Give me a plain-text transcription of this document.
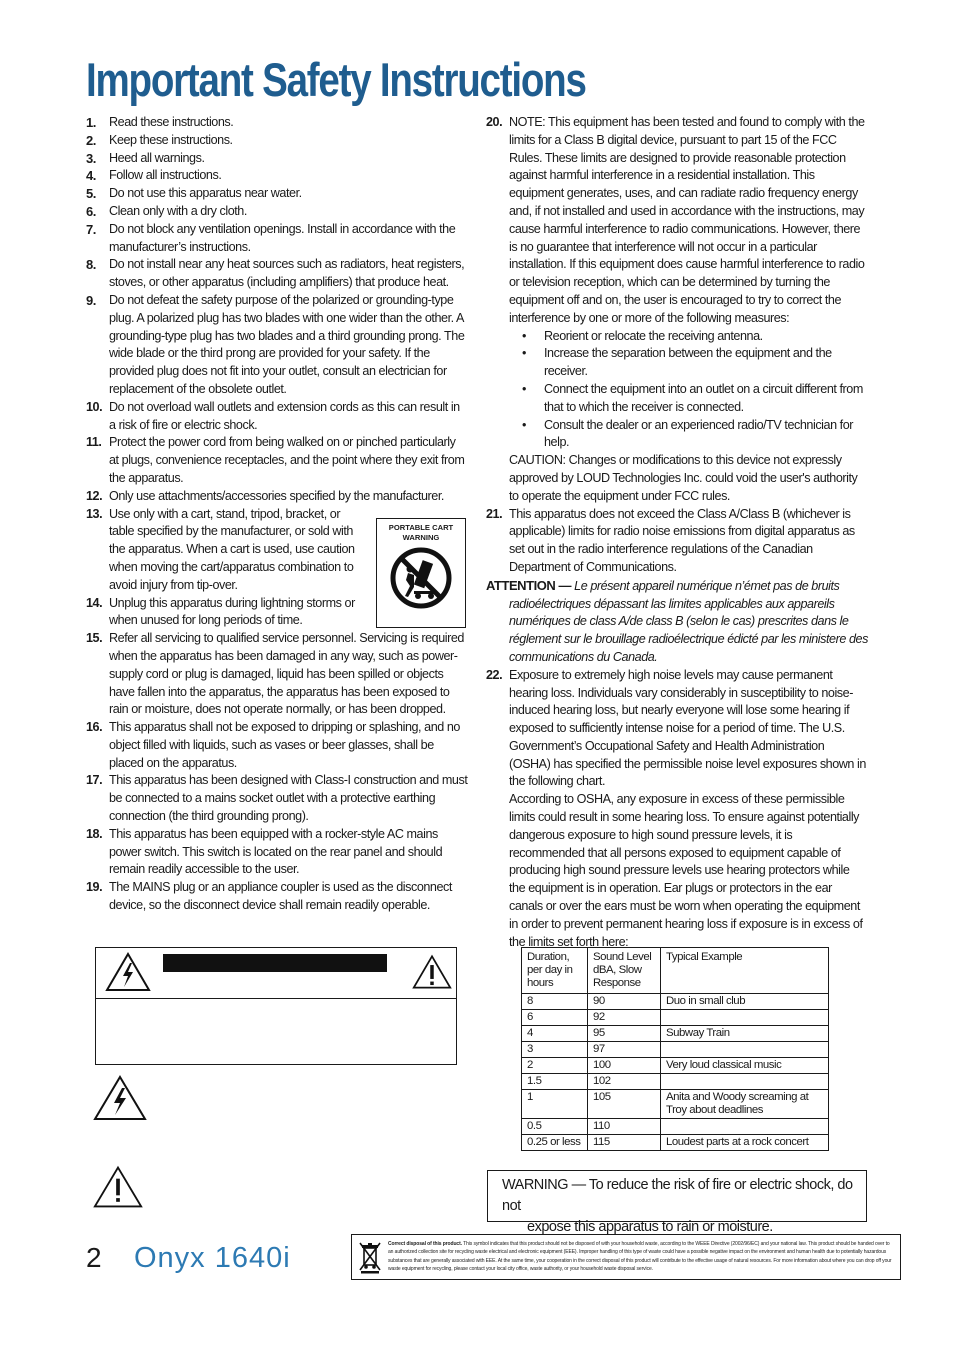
Important Safety Instructions

1. Read these instructions.

2. Keep these instructions.

3. Heed all warnings.

4. Follow all instructions.

5. Do not use this apparatus near water.

6. Clean only with a dry cloth.

7. Do not block any ventilation openings. Install in accordance with the manufacturer’s instructions.

8. Do not install near any heat sources such as radiators, heat registers, stoves, or other apparatus (including amplifiers) that produce heat.

9. Do not defeat the safety purpose of the polarized or grounding-type plug. A polarized plug has two blades with one wider than the other. A grounding-type plug has two blades and a third grounding prong. The wide blade or the third prong are provided for your safety. If the provided plug does not fit into your outlet, consult an electrician for replacement of the obsolete outlet.

10. Do not overload wall outlets and extension cords as this can result in a risk of fire or electric shock.

11. Protect the power cord from being walked on or pinched particularly at plugs, convenience receptacles, and the point where they exit from the apparatus.

12. Only use attachments/accessories specified by the manufacturer.

13. Use only with a cart, stand, tripod, bracket, or table specified by the manufacturer, or sold with the apparatus. When a cart is used, use caution when moving the cart/apparatus combination to avoid injury from tip-over.

14. Unplug this apparatus during lightning storms or when unused for long periods of time.

15. Refer all servicing to qualified service personnel. Servicing is required when the apparatus has been damaged in any way, such as power-supply cord or plug is damaged, liquid has been spilled or objects have fallen into the apparatus, the apparatus has been exposed to rain or moisture, does not operate normally, or has been dropped.

16. This apparatus shall not be exposed to dripping or splashing, and no object filled with liquids, such as vases or beer glasses, shall be placed on the apparatus.

17. This apparatus has been designed with Class-I construction and must be connected to a mains socket outlet with a protective earthing connection (the third grounding prong).

18. This apparatus has been equipped with a rocker-style AC mains power switch. This switch is located on the rear panel and should remain readily accessible to the user.

19. The MAINS plug or an appliance coupler is used as the disconnect device, so the disconnect device shall remain readily operable.

PORTABLE CART
WARNING

20. NOTE: This equipment has been tested and found to comply with the limits for a Class B digital device, pursuant to part 15 of the FCC Rules. These limits are designed to provide reasonable protection against harmful interference in a residential installation. This equipment generates, uses, and can radiate radio frequency energy and, if not installed and used in accordance with the instructions, may cause harmful interference to radio communications. However, there is no guarantee that interference will not occur in a particular installation. If this equipment does cause harmful interference to radio or television reception, which can be determined by turning the equipment off and on, the user is encouraged to try to correct the interference by one or more of the following measures:

• Reorient or relocate the receiving antenna.
• Increase the separation between the equipment and the receiver.
• Connect the equipment into an outlet on a circuit different from that to which the receiver is connected.
• Consult the dealer or an experienced radio/TV technician for help.

CAUTION: Changes or modifications to this device not expressly approved by LOUD Technologies Inc. could void the user's authority to operate the equipment under FCC rules.

21. This apparatus does not exceed the Class A/Class B (whichever is applicable) limits for radio noise emissions from digital apparatus as set out in the radio interference regulations of the Canadian Department of Communications.

ATTENTION — Le présent appareil numérique n’émet pas de bruits radioélectriques dépassant las limites applicables aux appareils numériques de class A/de class B (selon le cas) prescrites dans le réglement sur le brouillage radioélectrique édicté par les ministere des communications du Canada.

22. Exposure to extremely high noise levels may cause permanent hearing loss. Individuals vary considerably in susceptibility to noise-induced hearing loss, but nearly everyone will lose some hearing if exposed to sufficiently intense noise for a period of time. The U.S. Government’s Occupational Safety and Health Administration (OSHA) has specified the permissible noise level exposures shown in the following chart.

According to OSHA, any exposure in excess of these permissible limits could result in some hearing loss. To ensure against potentially dangerous exposure to high sound pressure levels, it is recommended that all persons exposed to equipment capable of producing high sound pressure levels use hearing protectors while the equipment is in operation. Ear plugs or protectors in the ear canals or over the ears must be worn when operating the equipment in order to prevent permanent hearing loss if exposure is in excess of the limits set forth here:

Duration, per day in hours	Sound Level dBA, Slow Response	Typical Example
8	90	Duo in small club
6	92	
4	95	Subway Train
3	97	
2	100	Very loud classical music
1.5	102	
1	105	Anita and Woody screaming at Troy about deadlines
0.5	110	
0.25 or less	115	Loudest parts at a rock concert
WARNING — To reduce the risk of fire or electric shock, do not
expose this apparatus to rain or moisture.
2 Onyx 1640i	Correct disposal of this product. This symbol indicates that this product should not be disposed of with your household waste, according to the WEEE Directive (2002/96/EC) and your national law. This product should be handed over to an authorized collection site for recycling waste electrical and electronic equipment (EEE). Improper handling of this type of waste could have a possible negative impact on the environment and human health due to potentially hazardous substances that are generally associated with EEE. At the same time, your cooperation in the correct disposal of this product will contribute to the effective usage of natural resources. For more information about where you can drop off your waste equipment for recycling, please contact your local city office, waste authority, or your household waste disposal service.
